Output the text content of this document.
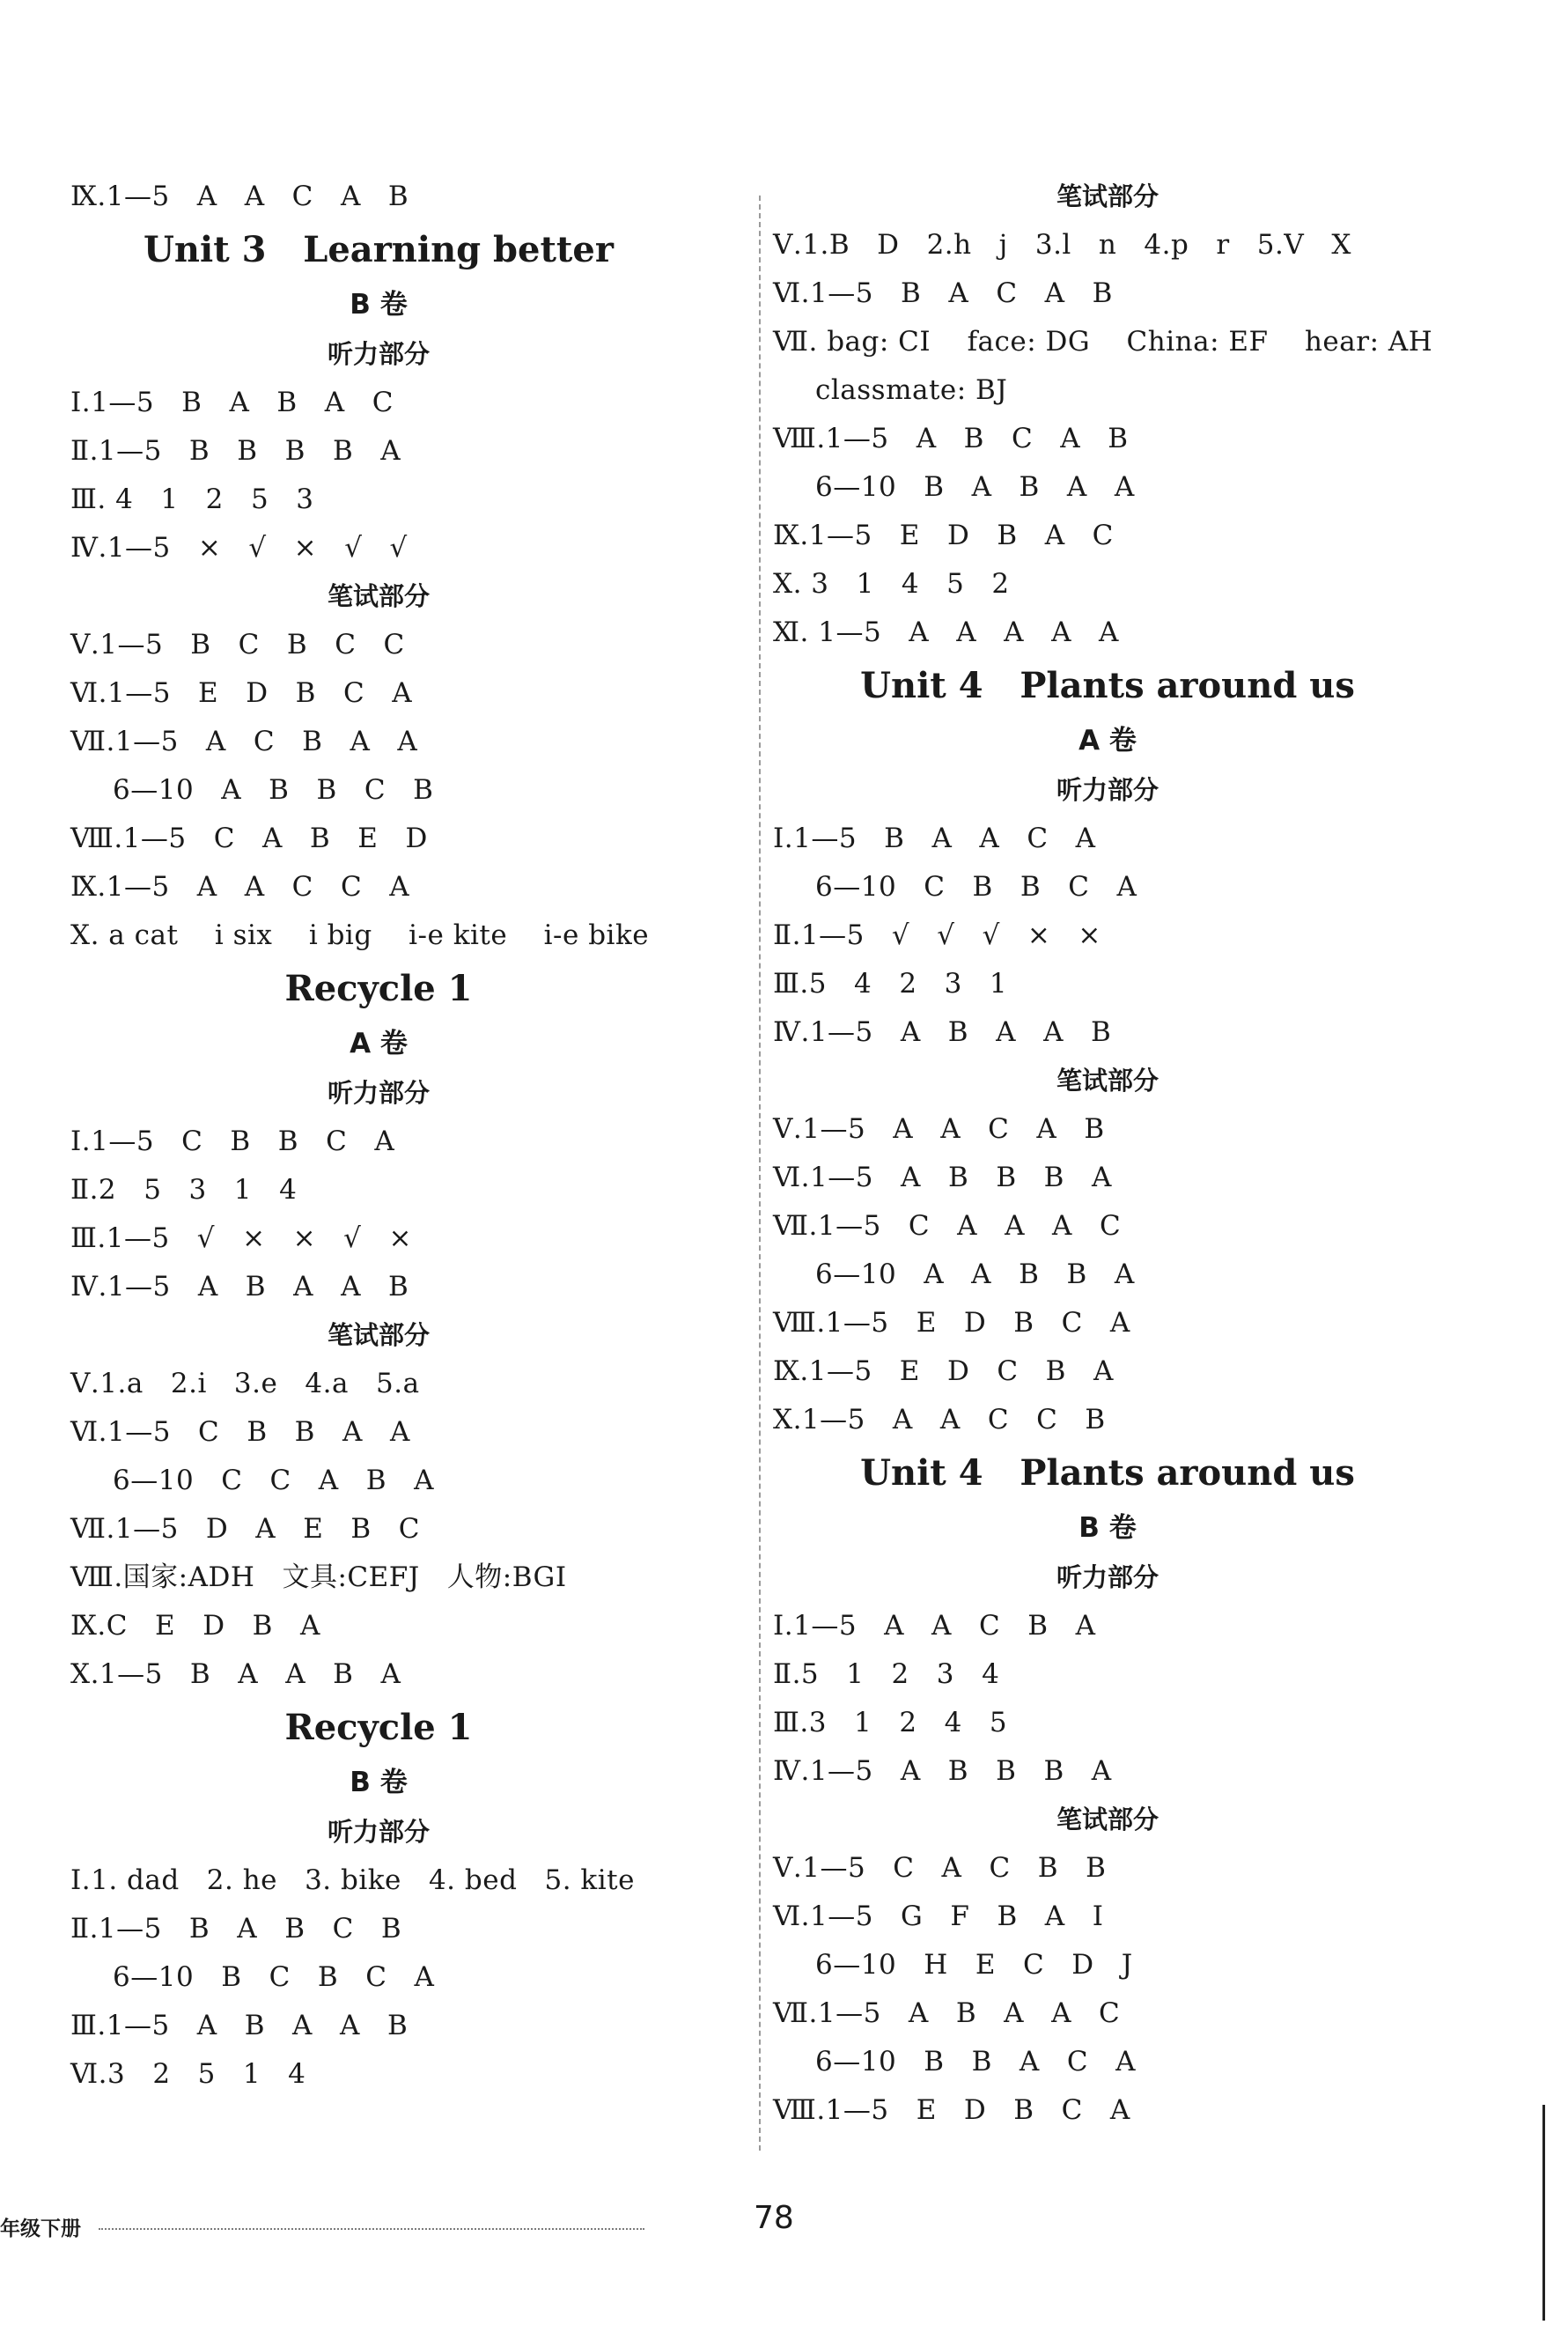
Ⅸ.1—5   A   A   C   A   B
Unit 3   Learning better
B 卷
听力部分
Ⅰ.1—5   B   A   B   A   C
Ⅱ.1—5   B   B   B   B   A
Ⅲ. 4   1   2   5   3
Ⅳ.1—5   ×   √   ×   √   √
笔试部分
Ⅴ.1—5   B   C   B   C   C
Ⅵ.1—5   E   D   B   C   A
Ⅶ.1—5   A   C   B   A   A
6—10   A   B   B   C   B
Ⅷ.1—5   C   A   B   E   D
Ⅸ.1—5   A   A   C   C   A
Ⅹ. a cat    i six    i big    i-e kite    i-e bike
Recycle 1
A 卷
听力部分
Ⅰ.1—5   C   B   B   C   A
Ⅱ.2   5   3   1   4
Ⅲ.1—5   √   ×   ×   √   ×
Ⅳ.1—5   A   B   A   A   B
笔试部分
Ⅴ.1.a   2.i   3.e   4.a   5.a
Ⅵ.1—5   C   B   B   A   A
6—10   C   C   A   B   A
Ⅶ.1—5   D   A   E   B   C
Ⅷ.国家:ADH   文具:CEFJ   人物:BGI
Ⅸ.C   E   D   B   A
Ⅹ.1—5   B   A   A   B   A
Recycle 1
B 卷
听力部分
Ⅰ.1. dad   2. he   3. bike   4. bed   5. kite
Ⅱ.1—5   B   A   B   C   B
6—10   B   C   B   C   A
Ⅲ.1—5   A   B   A   A   B
Ⅵ.3   2   5   1   4
笔试部分
Ⅴ.1.B   D   2.h   j   3.l   n   4.p   r   5.V   X
Ⅵ.1—5   B   A   C   A   B
Ⅶ. bag: CI    face: DG    China: EF    hear: AH
classmate: BJ
Ⅷ.1—5   A   B   C   A   B
6—10   B   A   B   A   A
Ⅸ.1—5   E   D   B   A   C
Ⅹ. 3   1   4   5   2
Ⅺ. 1—5   A   A   A   A   A
Unit 4   Plants around us
A 卷
听力部分
Ⅰ.1—5   B   A   A   C   A
6—10   C   B   B   C   A
Ⅱ.1—5   √   √   √   ×   ×
Ⅲ.5   4   2   3   1
Ⅳ.1—5   A   B   A   A   B
笔试部分
Ⅴ.1—5   A   A   C   A   B
Ⅵ.1—5   A   B   B   B   A
Ⅶ.1—5   C   A   A   A   C
6—10   A   A   B   B   A
Ⅷ.1—5   E   D   B   C   A
Ⅸ.1—5   E   D   C   B   A
Ⅹ.1—5   A   A   C   C   B
Unit 4   Plants around us
B 卷
听力部分
Ⅰ.1—5   A   A   C   B   A
Ⅱ.5   1   2   3   4
Ⅲ.3   1   2   4   5
Ⅳ.1—5   A   B   B   B   A
笔试部分
Ⅴ.1—5   C   A   C   B   B
Ⅵ.1—5   G   F   B   A   I
6—10   H   E   C   D   J
Ⅶ.1—5   A   B   A   A   C
6—10   B   B   A   C   A
Ⅷ.1—5   E   D   B   C   A
年级下册	78
